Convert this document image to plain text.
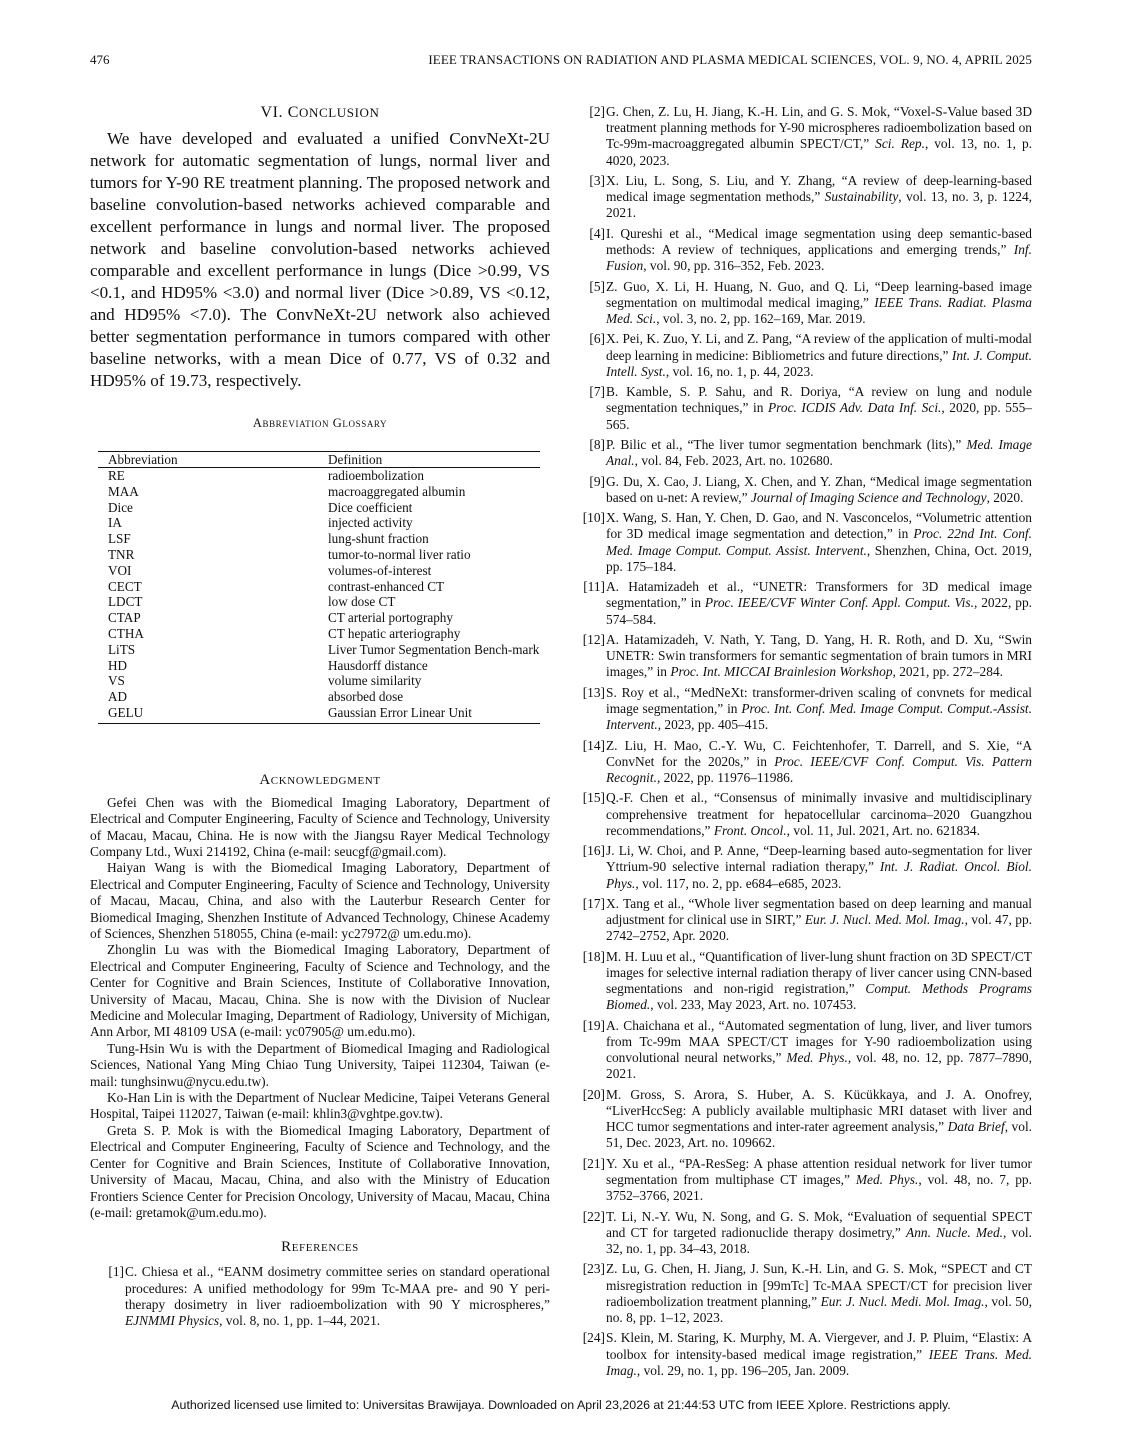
476	IEEE TRANSACTIONS ON RADIATION AND PLASMA MEDICAL SCIENCES, VOL. 9, NO. 4, APRIL 2025
VI. CONCLUSION

We have developed and evaluated a unified ConvNeXt-2U network for automatic segmentation of lungs, normal liver and tumors for Y-90 RE treatment planning. The proposed network and baseline convolution-based networks achieved comparable and excellent performance in lungs and normal liver. The proposed network and baseline convolution-based networks achieved comparable and excellent performance in lungs (Dice >0.99, VS <0.1, and HD95% <3.0) and normal liver (Dice >0.89, VS <0.12, and HD95% <7.0). The ConvNeXt-2U network also achieved better segmentation performance in tumors compared with other baseline networks, with a mean Dice of 0.77, VS of 0.32 and HD95% of 19.73, respectively.

Abbreviation Glossary
Abbreviation	Definition
RE	radioembolization
MAA	macroaggregated albumin
Dice	Dice coefficient
IA	injected activity
LSF	lung-shunt fraction
TNR	tumor-to-normal liver ratio
VOI	volumes-of-interest
CECT	contrast-enhanced CT
LDCT	low dose CT
CTAP	CT arterial portography
CTHA	CT hepatic arteriography
LiTS	Liver Tumor Segmentation Bench-mark
HD	Hausdorff distance
VS	volume similarity
AD	absorbed dose
GELU	Gaussian Error Linear Unit
Acknowledgment

Gefei Chen was with the Biomedical Imaging Laboratory, Department of Electrical and Computer Engineering, Faculty of Science and Technology, University of Macau, Macau, China. He is now with the Jiangsu Rayer Medical Technology Company Ltd., Wuxi 214192, China (e-mail: seucgf@gmail.com).

Haiyan Wang is with the Biomedical Imaging Laboratory, Department of Electrical and Computer Engineering, Faculty of Science and Technology, University of Macau, Macau, China, and also with the Lauterbur Research Center for Biomedical Imaging, Shenzhen Institute of Advanced Technology, Chinese Academy of Sciences, Shenzhen 518055, China (e-mail: yc27972@ um.edu.mo).

Zhonglin Lu was with the Biomedical Imaging Laboratory, Department of Electrical and Computer Engineering, Faculty of Science and Technology, and the Center for Cognitive and Brain Sciences, Institute of Collaborative Innovation, University of Macau, Macau, China. She is now with the Division of Nuclear Medicine and Molecular Imaging, Department of Radiology, University of Michigan, Ann Arbor, MI 48109 USA (e-mail: yc07905@ um.edu.mo).

Tung-Hsin Wu is with the Department of Biomedical Imaging and Radiological Sciences, National Yang Ming Chiao Tung University, Taipei 112304, Taiwan (e-mail: tunghsinwu@nycu.edu.tw).

Ko-Han Lin is with the Department of Nuclear Medicine, Taipei Veterans General Hospital, Taipei 112027, Taiwan (e-mail: khlin3@vghtpe.gov.tw).

Greta S. P. Mok is with the Biomedical Imaging Laboratory, Department of Electrical and Computer Engineering, Faculty of Science and Technology, and the Center for Cognitive and Brain Sciences, Institute of Collaborative Innovation, University of Macau, Macau, China, and also with the Ministry of Education Frontiers Science Center for Precision Oncology, University of Macau, Macau, China (e-mail: gretamok@um.edu.mo).

References
[1] C. Chiesa et al., “EANM dosimetry committee series on standard operational procedures: A unified methodology for 99m Tc-MAA pre- and 90 Y peri-therapy dosimetry in liver radioembolization with 90 Y microspheres,” EJNMMI Physics, vol. 8, no. 1, pp. 1–44, 2021.
[2] G. Chen, Z. Lu, H. Jiang, K.-H. Lin, and G. S. Mok, “Voxel-S-Value based 3D treatment planning methods for Y-90 microspheres radioembolization based on Tc-99m-macroaggregated albumin SPECT/CT,” Sci. Rep., vol. 13, no. 1, p. 4020, 2023.
[3] X. Liu, L. Song, S. Liu, and Y. Zhang, “A review of deep-learning-based medical image segmentation methods,” Sustainability, vol. 13, no. 3, p. 1224, 2021.
[4] I. Qureshi et al., “Medical image segmentation using deep semantic-based methods: A review of techniques, applications and emerging trends,” Inf. Fusion, vol. 90, pp. 316–352, Feb. 2023.
[5] Z. Guo, X. Li, H. Huang, N. Guo, and Q. Li, “Deep learning-based image segmentation on multimodal medical imaging,” IEEE Trans. Radiat. Plasma Med. Sci., vol. 3, no. 2, pp. 162–169, Mar. 2019.
[6] X. Pei, K. Zuo, Y. Li, and Z. Pang, “A review of the application of multi-modal deep learning in medicine: Bibliometrics and future directions,” Int. J. Comput. Intell. Syst., vol. 16, no. 1, p. 44, 2023.
[7] B. Kamble, S. P. Sahu, and R. Doriya, “A review on lung and nodule segmentation techniques,” in Proc. ICDIS Adv. Data Inf. Sci., 2020, pp. 555–565.
[8] P. Bilic et al., “The liver tumor segmentation benchmark (lits),” Med. Image Anal., vol. 84, Feb. 2023, Art. no. 102680.
[9] G. Du, X. Cao, J. Liang, X. Chen, and Y. Zhan, “Medical image segmentation based on u-net: A review,” Journal of Imaging Science and Technology, 2020.
[10] X. Wang, S. Han, Y. Chen, D. Gao, and N. Vasconcelos, “Volumetric attention for 3D medical image segmentation and detection,” in Proc. 22nd Int. Conf. Med. Image Comput. Comput. Assist. Intervent., Shenzhen, China, Oct. 2019, pp. 175–184.
[11] A. Hatamizadeh et al., “UNETR: Transformers for 3D medical image segmentation,” in Proc. IEEE/CVF Winter Conf. Appl. Comput. Vis., 2022, pp. 574–584.
[12] A. Hatamizadeh, V. Nath, Y. Tang, D. Yang, H. R. Roth, and D. Xu, “Swin UNETR: Swin transformers for semantic segmentation of brain tumors in MRI images,” in Proc. Int. MICCAI Brainlesion Workshop, 2021, pp. 272–284.
[13] S. Roy et al., “MedNeXt: transformer-driven scaling of convnets for medical image segmentation,” in Proc. Int. Conf. Med. Image Comput. Comput.-Assist. Intervent., 2023, pp. 405–415.
[14] Z. Liu, H. Mao, C.-Y. Wu, C. Feichtenhofer, T. Darrell, and S. Xie, “A ConvNet for the 2020s,” in Proc. IEEE/CVF Conf. Comput. Vis. Pattern Recognit., 2022, pp. 11976–11986.
[15] Q.-F. Chen et al., “Consensus of minimally invasive and multidisciplinary comprehensive treatment for hepatocellular carcinoma–2020 Guangzhou recommendations,” Front. Oncol., vol. 11, Jul. 2021, Art. no. 621834.
[16] J. Li, W. Choi, and P. Anne, “Deep-learning based auto-segmentation for liver Yttrium-90 selective internal radiation therapy,” Int. J. Radiat. Oncol. Biol. Phys., vol. 117, no. 2, pp. e684–e685, 2023.
[17] X. Tang et al., “Whole liver segmentation based on deep learning and manual adjustment for clinical use in SIRT,” Eur. J. Nucl. Med. Mol. Imag., vol. 47, pp. 2742–2752, Apr. 2020.
[18] M. H. Luu et al., “Quantification of liver-lung shunt fraction on 3D SPECT/CT images for selective internal radiation therapy of liver cancer using CNN-based segmentations and non-rigid registration,” Comput. Methods Programs Biomed., vol. 233, May 2023, Art. no. 107453.
[19] A. Chaichana et al., “Automated segmentation of lung, liver, and liver tumors from Tc-99m MAA SPECT/CT images for Y-90 radioembolization using convolutional neural networks,” Med. Phys., vol. 48, no. 12, pp. 7877–7890, 2021.
[20] M. Gross, S. Arora, S. Huber, A. S. Kücükkaya, and J. A. Onofrey, “LiverHccSeg: A publicly available multiphasic MRI dataset with liver and HCC tumor segmentations and inter-rater agreement analysis,” Data Brief, vol. 51, Dec. 2023, Art. no. 109662.
[21] Y. Xu et al., “PA-ResSeg: A phase attention residual network for liver tumor segmentation from multiphase CT images,” Med. Phys., vol. 48, no. 7, pp. 3752–3766, 2021.
[22] T. Li, N.-Y. Wu, N. Song, and G. S. Mok, “Evaluation of sequential SPECT and CT for targeted radionuclide therapy dosimetry,” Ann. Nucle. Med., vol. 32, no. 1, pp. 34–43, 2018.
[23] Z. Lu, G. Chen, H. Jiang, J. Sun, K.-H. Lin, and G. S. Mok, “SPECT and CT misregistration reduction in [99mTc] Tc-MAA SPECT/CT for precision liver radioembolization treatment planning,” Eur. J. Nucl. Medi. Mol. Imag., vol. 50, no. 8, pp. 1–12, 2023.
[24] S. Klein, M. Staring, K. Murphy, M. A. Viergever, and J. P. Pluim, “Elastix: A toolbox for intensity-based medical image registration,” IEEE Trans. Med. Imag., vol. 29, no. 1, pp. 196–205, Jan. 2009.
Authorized licensed use limited to: Universitas Brawijaya. Downloaded on April 23,2026 at 21:44:53 UTC from IEEE Xplore. Restrictions apply.
